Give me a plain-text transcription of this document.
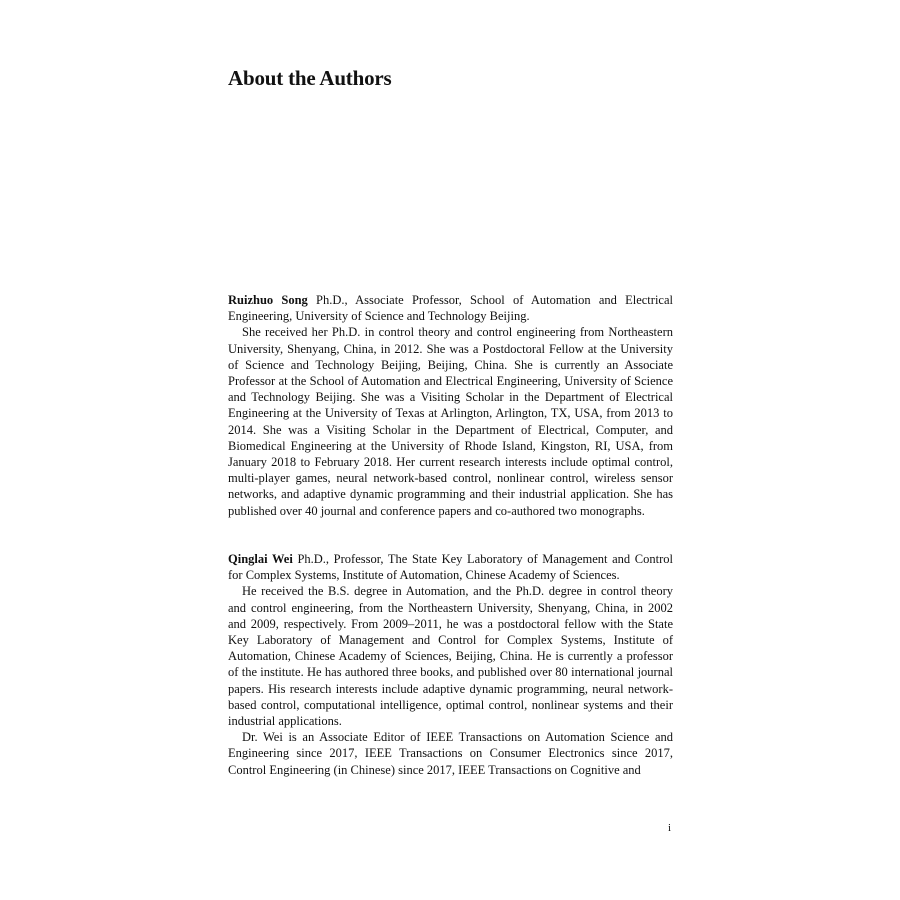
About the Authors

Ruizhuo Song Ph.D., Associate Professor, School of Automation and Electrical Engineering, University of Science and Technology Beijing.

She received her Ph.D. in control theory and control engineering from Northeastern University, Shenyang, China, in 2012. She was a Postdoctoral Fellow at the University of Science and Technology Beijing, Beijing, China. She is currently an Associate Professor at the School of Automation and Electrical Engineering, University of Science and Technology Beijing. She was a Visiting Scholar in the Department of Electrical Engineering at the University of Texas at Arlington, Arlington, TX, USA, from 2013 to 2014. She was a Visiting Scholar in the Department of Electrical, Computer, and Biomedical Engineering at the University of Rhode Island, Kingston, RI, USA, from January 2018 to February 2018. Her current research interests include optimal control, multi-player games, neural network-based control, nonlinear control, wireless sensor networks, and adaptive dynamic programming and their industrial application. She has published over 40 journal and conference papers and co-authored two monographs.

Qinglai Wei Ph.D., Professor, The State Key Laboratory of Management and Control for Complex Systems, Institute of Automation, Chinese Academy of Sciences.

He received the B.S. degree in Automation, and the Ph.D. degree in control theory and control engineering, from the Northeastern University, Shenyang, China, in 2002 and 2009, respectively. From 2009–2011, he was a postdoctoral fellow with the State Key Laboratory of Management and Control for Complex Systems, Institute of Automation, Chinese Academy of Sciences, Beijing, China. He is currently a professor of the institute. He has authored three books, and published over 80 international journal papers. His research interests include adaptive dynamic programming, neural network-based control, computational intelligence, optimal control, nonlinear systems and their industrial applications.

Dr. Wei is an Associate Editor of IEEE Transactions on Automation Science and Engineering since 2017, IEEE Transactions on Consumer Electronics since 2017, Control Engineering (in Chinese) since 2017, IEEE Transactions on Cognitive and

i
